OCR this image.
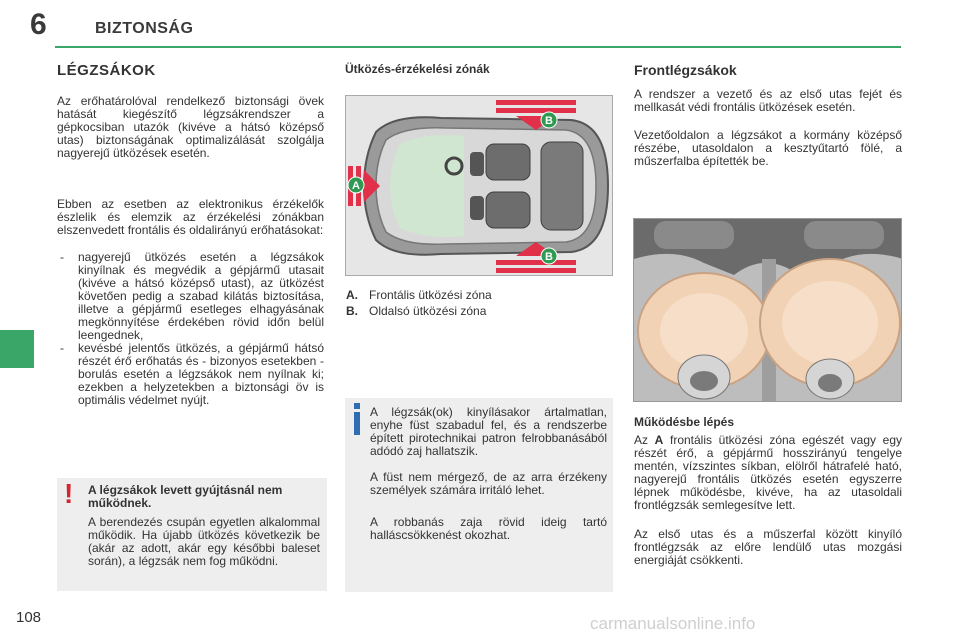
6	BIZTONSÁG
LÉGZSÁKOK

Az erőhatárolóval rendelkező biztonsági övek hatását kiegészítő légzsákrendszer a gépkocsiban utazók (kivéve a hátsó középső utas) biztonságának optimalizálását szolgálja nagyerejű ütközések esetén.

Ebben az esetben az elektronikus érzékelők észlelik és elemzik az érzékelési zónákban elszenvedett frontális és oldalirányú erőhatásokat:

- nagyerejű ütközés esetén a légzsákok kinyílnak és megvédik a gépjármű utasait (kivéve a hátsó középső utast), az ütközést követően pedig a szabad kilátás biztosítása, illetve a gépjármű esetleges elhagyásának megkönnyítése érdekében rövid időn belül leengednek,
- kevésbé jelentős ütközés, a gépjármű hátsó részét érő erőhatás és - bizonyos esetekben - borulás esetén a légzsákok nem nyílnak ki; ezekben a helyzetekben a biztonsági öv is optimális védelmet nyújt.
! A légzsákok levett gyújtásnál nem működnek.
A berendezés csupán egyetlen alkalommal működik. Ha újabb ütközés következik be (akár az adott, akár egy későbbi baleset során), a légzsák nem fog működni.
Ütközés-érzékelési zónák
B
B
A
A. Frontális ütközési zóna
B. Oldalsó ütközési zóna

A légzsák(ok) kinyílásakor ártalmatlan, enyhe füst szabadul fel, és a rendszerbe épített pirotechnikai patron felrobbanásából adódó zaj hallatszik.

A füst nem mérgező, de az arra érzékeny személyek számára irritáló lehet.

A robbanás zaja rövid ideig tartó halláscsökkenést okozhat.

Frontlégzsákok

A rendszer a vezető és az első utas fejét és mellkasát védi frontális ütközések esetén.

Vezetőoldalon a légzsákot a kormány középső részébe, utasoldalon a kesztyűtartó fölé, a műszerfalba építették be.

Működésbe lépés

Az A frontális ütközési zóna egészét vagy egy részét érő, a gépjármű hosszirányú tengelye mentén, vízszintes síkban, elölről hátrafelé ható, nagyerejű frontális ütközés esetén egyszerre lépnek működésbe, kivéve, ha az utasoldali frontlégzsák semlegesítve lett.

Az első utas és a műszerfal között kinyíló frontlégzsák az előre lendülő utas mozgási energiáját csökkenti.

108	carmanualsonline.info
